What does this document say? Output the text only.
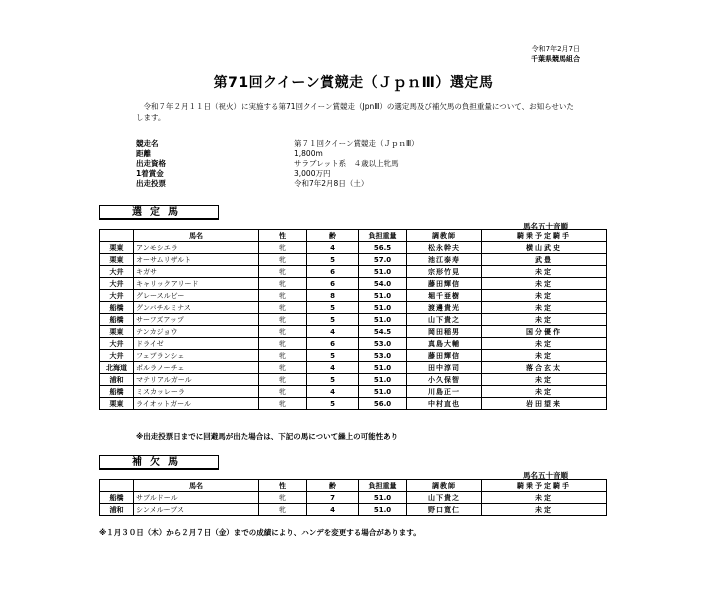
令和7年2月7日
千葉県競馬組合
第71回クイーン賞競走（ＪｐｎⅢ）選定馬
　令和７年２月１１日（祝火）に実施する第71回クイーン賞競走（JpnⅢ）の選定馬及び補欠馬の負担重量について、お知らせいたします。
競走名	第７１回クイーン賞競走（ＪｐｎⅢ）
距離	1,800m
出走資格	サラブレット系　４歳以上牝馬
1着賞金	3,000万円
出走投票	令和7年2月8日（土）
選定馬
馬名五十音順
	馬名	性	齢	負担重量	調教師	騎乗予定騎手
栗東	アンモシエラ	牝	4	56.5	松永幹夫	横山武史
栗東	オーサムリザルト	牝	5	57.0	池江泰寿	武豊
大井	キガサ	牝	6	51.0	宗形竹見	未定
大井	キャリックアリード	牝	6	54.0	藤田輝信	未定
大井	グレースルビー	牝	8	51.0	堀千亜樹	未定
船橋	グンバチルミナス	牝	5	51.0	渡邊貴光	未定
船橋	サーフズアップ	牝	5	51.0	山下貴之	未定
栗東	テンカジョウ	牝	4	54.5	岡田稲男	国分優作
大井	ドライゼ	牝	6	53.0	真島大輔	未定
大井	フェブランシェ	牝	5	53.0	藤田輝信	未定
北海道	ポルラノーチェ	牝	4	51.0	田中淳司	落合玄太
浦和	マテリアルガール	牝	5	51.0	小久保智	未定
船橋	ミスカッレーラ	牝	4	51.0	川島正一	未定
栗東	ライオットガール	牝	5	56.0	中村直也	岩田望来
※出走投票日までに回避馬が出た場合は、下記の馬について繰上の可能性あり
補欠馬
馬名五十音順
	馬名	性	齢	負担重量	調教師	騎乗予定騎手
船橋	サブルドール	牝	7	51.0	山下貴之	未定
浦和	シンメルーブス	牝	4	51.0	野口寛仁	未定
※１月３０日（木）から２月７日（金）までの成績により、ハンデを変更する場合があります。
